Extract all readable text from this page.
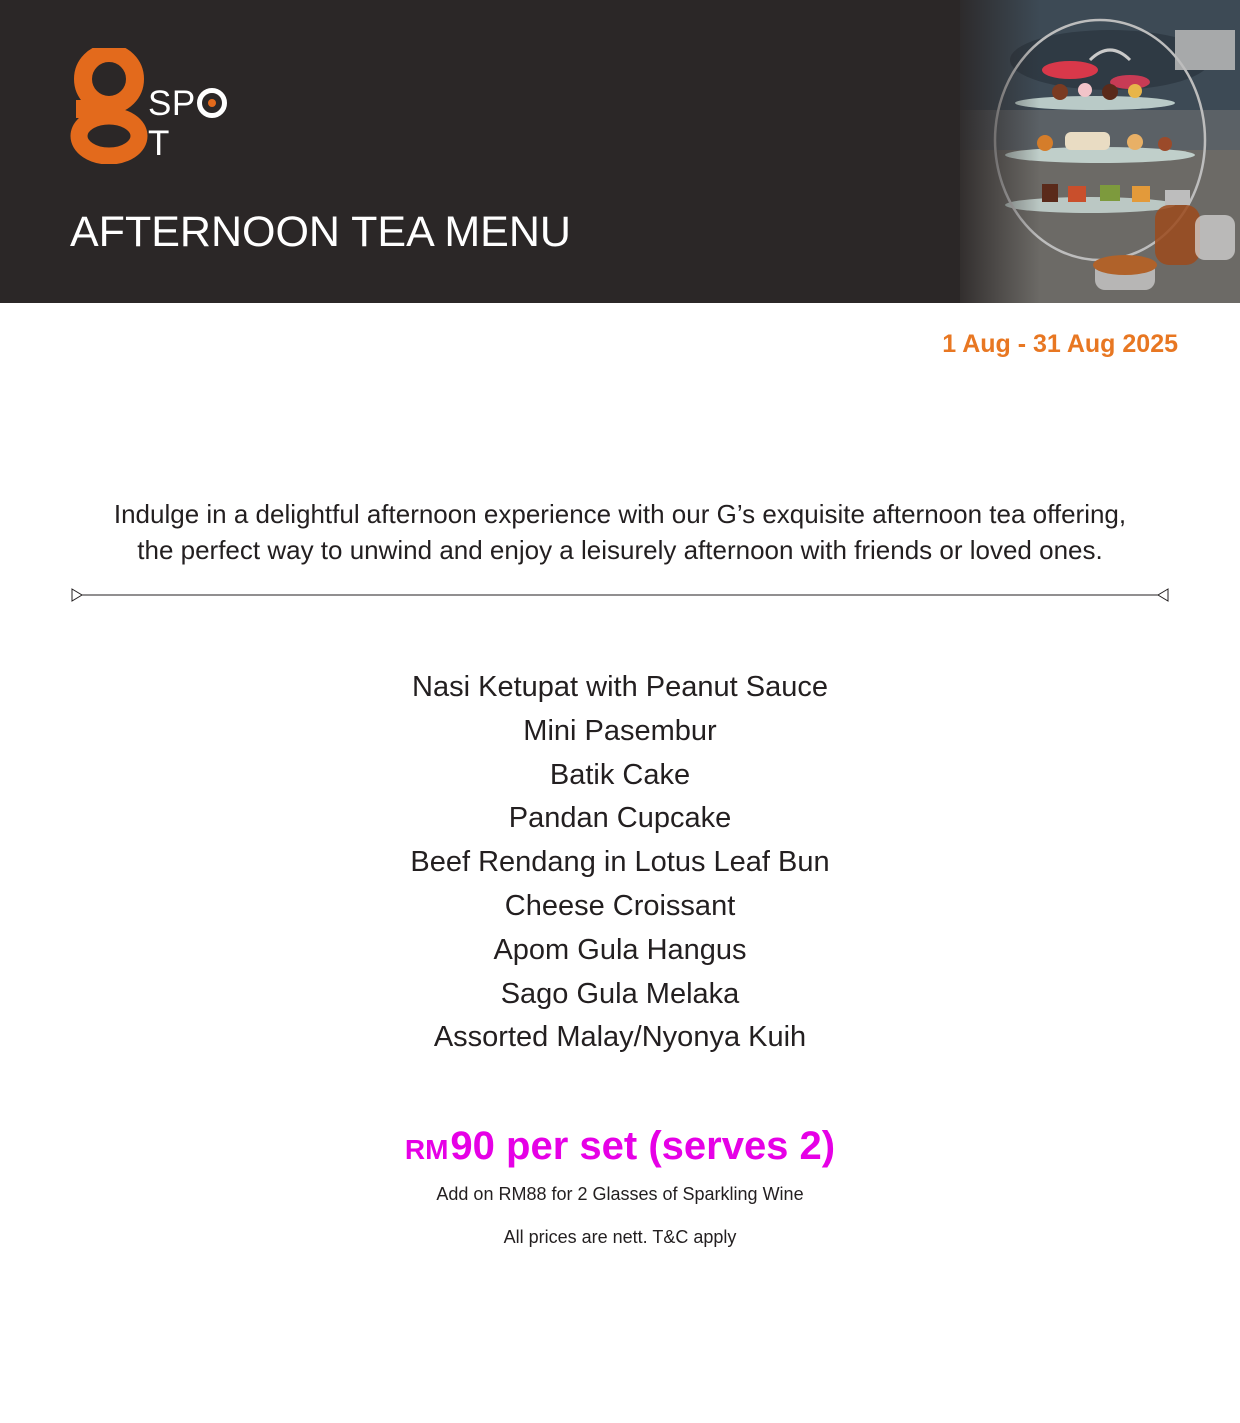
SPT
AFTERNOON TEA MENU
1 Aug - 31 Aug 2025
Indulge in a delightful afternoon experience with our G’s exquisite afternoon tea offering,
the perfect way to unwind and enjoy a leisurely afternoon with friends or loved ones.
Nasi Ketupat with Peanut Sauce
Mini Pasembur
Batik Cake
Pandan Cupcake
Beef Rendang in Lotus Leaf Bun
Cheese Croissant
Apom Gula Hangus
Sago Gula Melaka
Assorted Malay/Nyonya Kuih
RM90 per set (serves 2)
Add on RM88 for 2 Glasses of Sparkling Wine
All prices are nett. T&C apply
